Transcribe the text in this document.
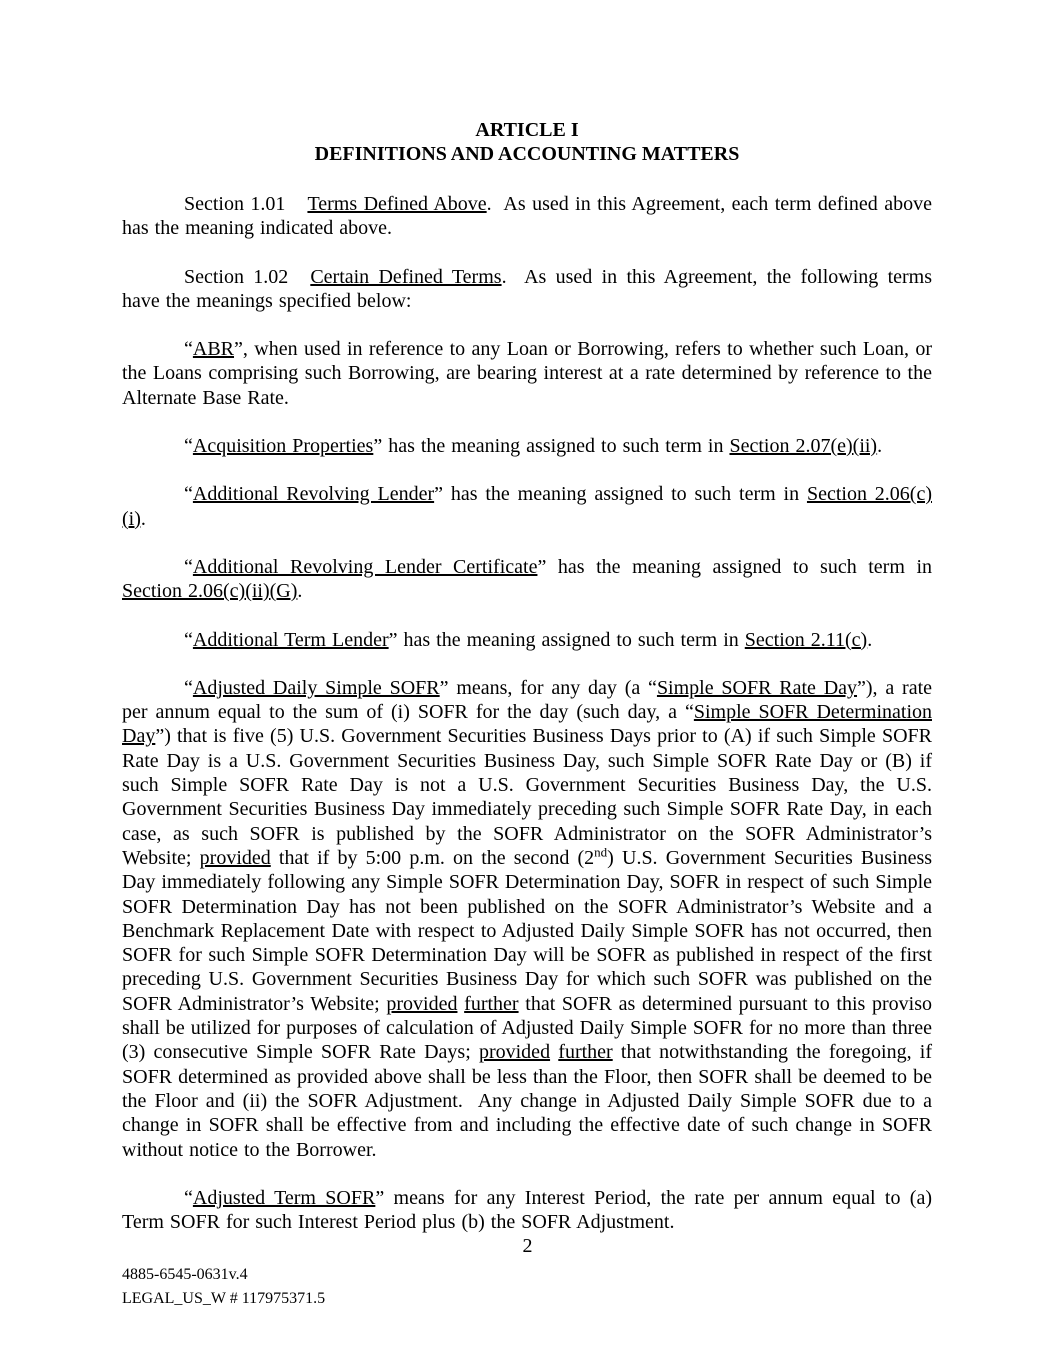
ARTICLE I
DEFINITIONS AND ACCOUNTING MATTERS

Section 1.01 Terms Defined Above.  As used in this Agreement, each term defined above has the meaning indicated above.

Section 1.02 Certain Defined Terms.  As used in this Agreement, the following terms have the meanings specified below:

“ABR”, when used in reference to any Loan or Borrowing, refers to whether such Loan, or the Loans comprising such Borrowing, are bearing interest at a rate determined by reference to the Alternate Base Rate.

“Acquisition Properties” has the meaning assigned to such term in Section 2.07(e)(ii).

“Additional Revolving Lender” has the meaning assigned to such term in Section 2.06(c)(i).

“Additional Revolving Lender Certificate” has the meaning assigned to such term in Section 2.06(c)(ii)(G).

“Additional Term Lender” has the meaning assigned to such term in Section 2.11(c).

“Adjusted Daily Simple SOFR” means, for any day (a “Simple SOFR Rate Day”), a rate per annum equal to the sum of (i) SOFR for the day (such day, a “Simple SOFR Determination Day”) that is five (5) U.S. Government Securities Business Days prior to (A) if such Simple SOFR Rate Day is a U.S. Government Securities Business Day, such Simple SOFR Rate Day or (B) if such Simple SOFR Rate Day is not a U.S. Government Securities Business Day, the U.S. Government Securities Business Day immediately preceding such Simple SOFR Rate Day, in each case, as such SOFR is published by the SOFR Administrator on the SOFR Administrator’s Website; provided that if by 5:00 p.m. on the second (2nd) U.S. Government Securities Business Day immediately following any Simple SOFR Determination Day, SOFR in respect of such Simple SOFR Determination Day has not been published on the SOFR Administrator’s Website and a Benchmark Replacement Date with respect to Adjusted Daily Simple SOFR has not occurred, then SOFR for such Simple SOFR Determination Day will be SOFR as published in respect of the first preceding U.S. Government Securities Business Day for which such SOFR was published on the SOFR Administrator’s Website; provided further that SOFR as determined pursuant to this proviso shall be utilized for purposes of calculation of Adjusted Daily Simple SOFR for no more than three (3) consecutive Simple SOFR Rate Days; provided further that notwithstanding the foregoing, if SOFR determined as provided above shall be less than the Floor, then SOFR shall be deemed to be the Floor and (ii) the SOFR Adjustment.  Any change in Adjusted Daily Simple SOFR due to a change in SOFR shall be effective from and including the effective date of such change in SOFR without notice to the Borrower.

“Adjusted Term SOFR” means for any Interest Period, the rate per annum equal to (a) Term SOFR for such Interest Period plus (b) the SOFR Adjustment.

2
4885-6545-0631v.4
LEGAL_US_W # 117975371.5
